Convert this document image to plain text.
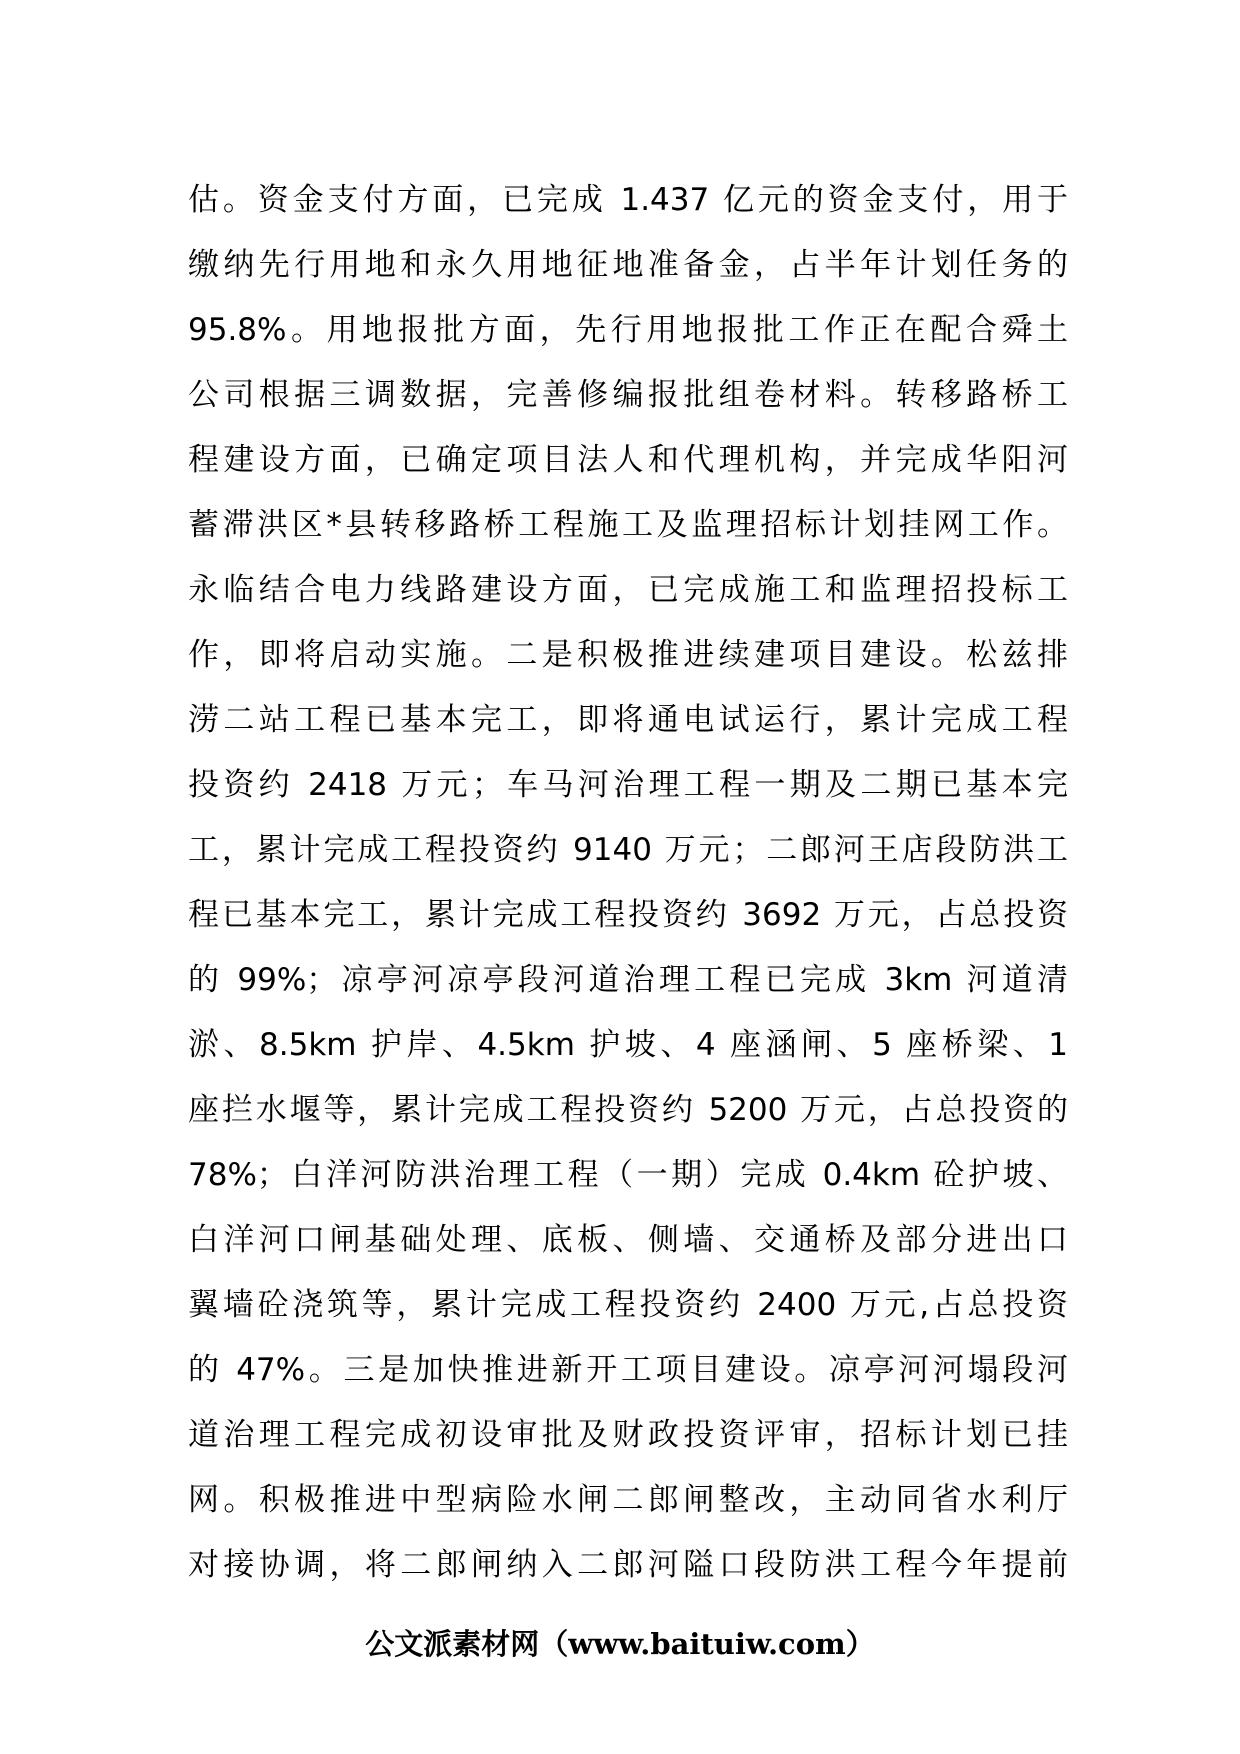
估。资金支付方面，已完成 1.437 亿元的资金支付，用于
缴纳先行用地和永久用地征地准备金，占半年计划任务的
95.8%。用地报批方面，先行用地报批工作正在配合舜土
公司根据三调数据，完善修编报批组卷材料。转移路桥工
程建设方面，已确定项目法人和代理机构，并完成华阳河
蓄滞洪区*县转移路桥工程施工及监理招标计划挂网工作。
永临结合电力线路建设方面，已完成施工和监理招投标工
作，即将启动实施。二是积极推进续建项目建设。松兹排
涝二站工程已基本完工，即将通电试运行，累计完成工程
投资约 2418 万元；车马河治理工程一期及二期已基本完
工，累计完成工程投资约 9140 万元；二郎河王店段防洪工
程已基本完工，累计完成工程投资约 3692 万元，占总投资
的 99%；凉亭河凉亭段河道治理工程已完成 3km 河道清
淤、8.5km 护岸、4.5km 护坡、4 座涵闸、5 座桥梁、1
座拦水堰等，累计完成工程投资约 5200 万元，占总投资的
78%；白洋河防洪治理工程（一期）完成 0.4km 砼护坡、
白洋河口闸基础处理、底板、侧墙、交通桥及部分进出口
翼墙砼浇筑等，累计完成工程投资约 2400 万元,占总投资
的 47%。三是加快推进新开工项目建设。凉亭河河塌段河
道治理工程完成初设审批及财政投资评审，招标计划已挂
网。积极推进中型病险水闸二郎闸整改，主动同省水利厅
对接协调，将二郎闸纳入二郎河隘口段防洪工程今年提前
公文派素材网（www.baituiw.com）
